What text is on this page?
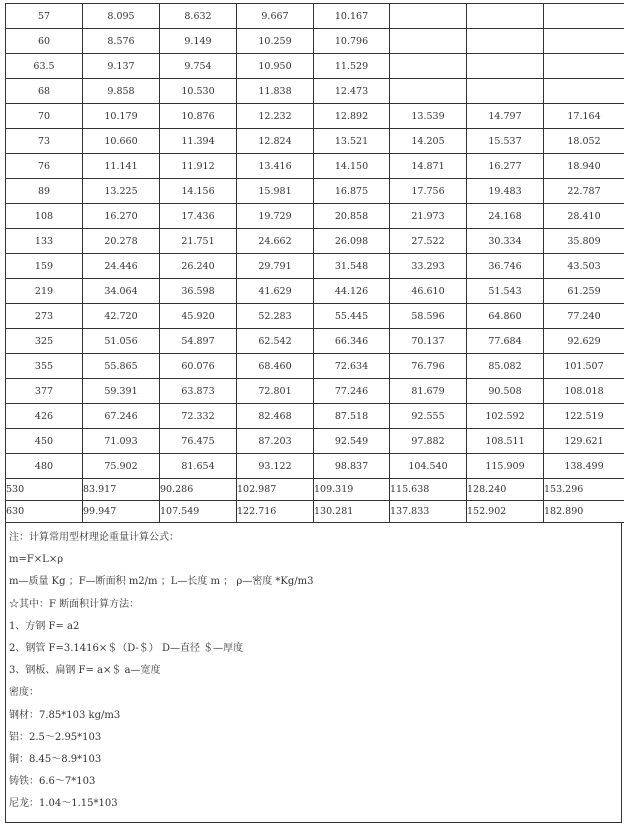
57	8.095	8.632	9.667	10.167			
60	8.576	9.149	10.259	10.796			
63.5	9.137	9.754	10.950	11.529			
68	9.858	10.530	11.838	12.473			
70	10.179	10.876	12.232	12.892	13.539	14.797	17.164
73	10.660	11.394	12.824	13.521	14.205	15.537	18.052
76	11.141	11.912	13.416	14.150	14.871	16.277	18.940
89	13.225	14.156	15.981	16.875	17.756	19.483	22.787
108	16.270	17.436	19.729	20.858	21.973	24.168	28.410
133	20.278	21.751	24.662	26.098	27.522	30.334	35.809
159	24.446	26.240	29.791	31.548	33.293	36.746	43.503
219	34.064	36.598	41.629	44.126	46.610	51.543	61.259
273	42.720	45.920	52.283	55.445	58.596	64.860	77.240
325	51.056	54.897	62.542	66.346	70.137	77.684	92.629
355	55.865	60.076	68.460	72.634	76.796	85.082	101.507
377	59.391	63.873	72.801	77.246	81.679	90.508	108.018
426	67.246	72.332	82.468	87.518	92.555	102.592	122.519
450	71.093	76.475	87.203	92.549	97.882	108.511	129.621
480	75.902	81.654	93.122	98.837	104.540	115.909	138.499
530	83.917	90.286	102.987	109.319	115.638	128.240	153.296
630	99.947	107.549	122.716	130.281	137.833	152.902	182.890
注：计算常用型材理论重量计算公式：
m=F×L×ρ
m—质量 Kg ；F—断面积 m2/m ；L—长度 m ； ρ—密度 *Kg/m3
☆其中：F 断面积计算方法：
1、方钢 F= a2
2、钢管 F=3.1416×＄（D-＄） D—直径 ＄—厚度
3、钢板、扁钢 F= a×＄ a—宽度
密度：
钢材：7.85*103 kg/m3
铝：2.5～2.95*103
铜：8.45～8.9*103
铸铁：6.6～7*103
尼龙：1.04～1.15*103
